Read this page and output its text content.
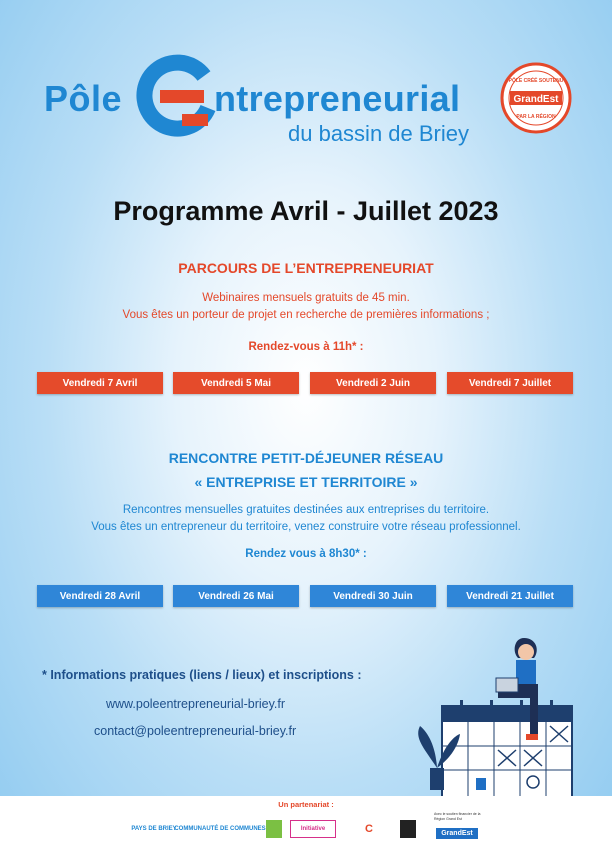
Pôle	ntrepreneurial
du bassin de Briey
GrandEst
PÔLE CRÉÉ SOUTENU
PAR LA RÉGION
Programme Avril - Juillet 2023
PARCOURS DE L’ENTREPRENEURIAT
Webinaires mensuels gratuits de 45 min.
Vous êtes un porteur de projet en recherche de premières informations ;
Rendez-vous à 11h* :
Vendredi 7 Avril	Vendredi 5 Mai	Vendredi 2 Juin	Vendredi 7 Juillet
RENCONTRE PETIT-DÉJEUNER RÉSEAU
« ENTREPRISE ET TERRITOIRE »
Rencontres mensuelles gratuites destinées aux entreprises du territoire.
Vous êtes un entrepreneur du territoire, venez construire votre réseau professionnel.
Rendez vous à 8h30* :
Vendredi 28 Avril	Vendredi 26 Mai	Vendredi 30 Juin	Vendredi 21 Juillet
* Informations pratiques (liens / lieux) et inscriptions :
www.poleentrepreneurial-briey.fr
contact@poleentrepreneurial-briey.fr
Un partenariat :
PAYS DE BRIEY
COMMUNAUTÉ DE COMMUNES	Initiative	C
Avec le soutien financier de la Région Grand Est
GrandEst
